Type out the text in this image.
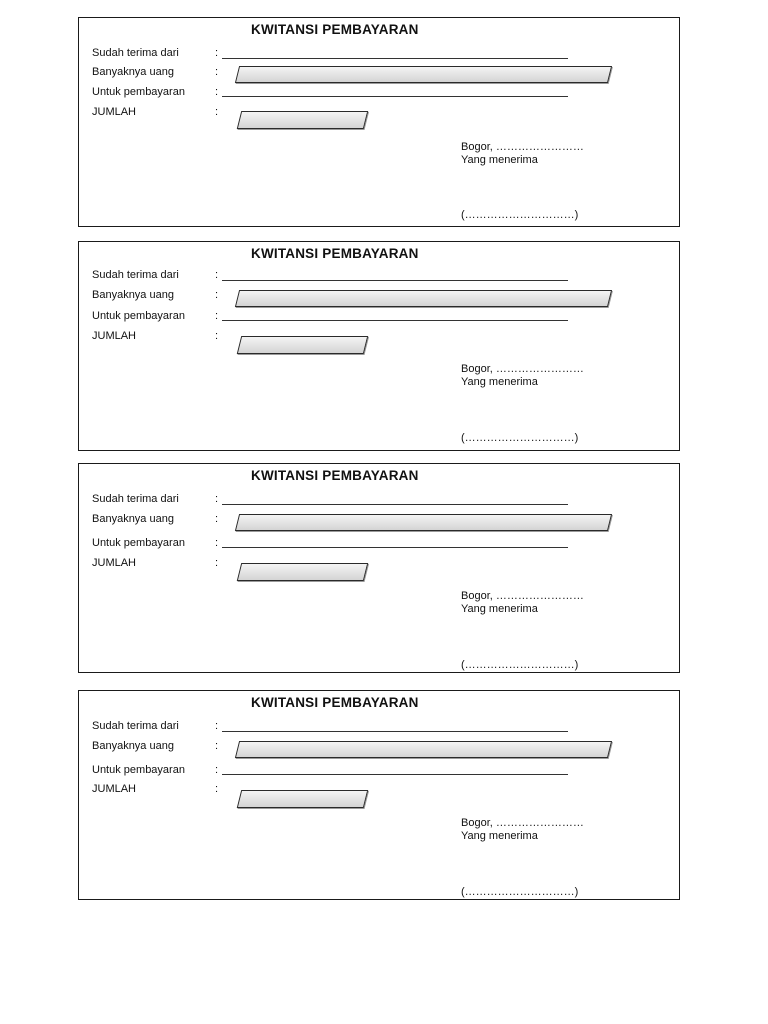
KWITANSI PEMBAYARAN
Sudah terima dari	:
Banyaknya uang	:
Untuk pembayaran	:
JUMLAH	:
Bogor, ……………………
Yang menerima
(…………………………)
KWITANSI PEMBAYARAN
Sudah terima dari	:
Banyaknya uang	:
Untuk pembayaran	:
JUMLAH	:
Bogor, ……………………
Yang menerima
(…………………………)
KWITANSI PEMBAYARAN
Sudah terima dari	:
Banyaknya uang	:
Untuk pembayaran	:
JUMLAH	:
Bogor, ……………………
Yang menerima
(…………………………)
KWITANSI PEMBAYARAN
Sudah terima dari	:
Banyaknya uang	:
Untuk pembayaran	:
JUMLAH	:
Bogor, ……………………
Yang menerima
(…………………………)
